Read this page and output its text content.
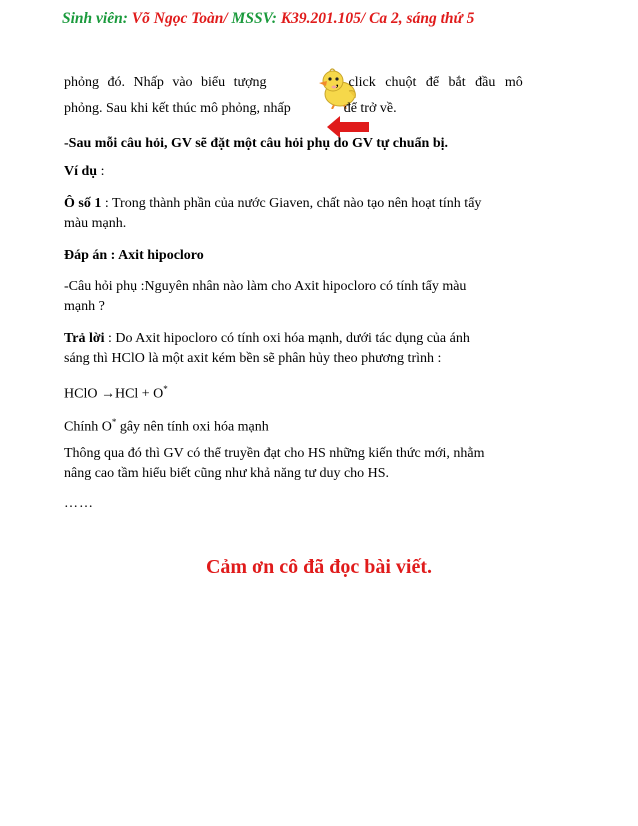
Sinh viên: Võ Ngọc Toàn/ MSSV: K39.201.105/ Ca 2, sáng thứ 5
phỏng đó. Nhấp vào biểu tượng	, click chuột để bắt đầu mô
phỏng. Sau khi kết thúc mô phỏng, nhấp	để trở về.
-Sau mỗi câu hỏi, GV sẽ đặt một câu hỏi phụ do GV tự chuẩn bị.
Ví dụ :
Ô số 1 : Trong thành phần của nước Giaven, chất nào tạo nên hoạt tính tẩy
màu mạnh.
Đáp án : Axit hipocloro
-Câu hỏi phụ :Nguyên nhân nào làm cho Axit hipocloro có tính tẩy màu
mạnh ?
Trả lời : Do Axit hipocloro có tính oxi hóa mạnh, dưới tác dụng của ánh
sáng thì HClO là một axit kém bền sẽ phân hủy theo phương trình :
HClO →HCl + O*
Chính O* gây nên tính oxi hóa mạnh
Thông qua đó thì GV có thể truyền đạt cho HS những kiến thức mới, nhằm
nâng cao tầm hiểu biết cũng như khả năng tư duy cho HS.
……
Cảm ơn cô đã đọc bài viết.
